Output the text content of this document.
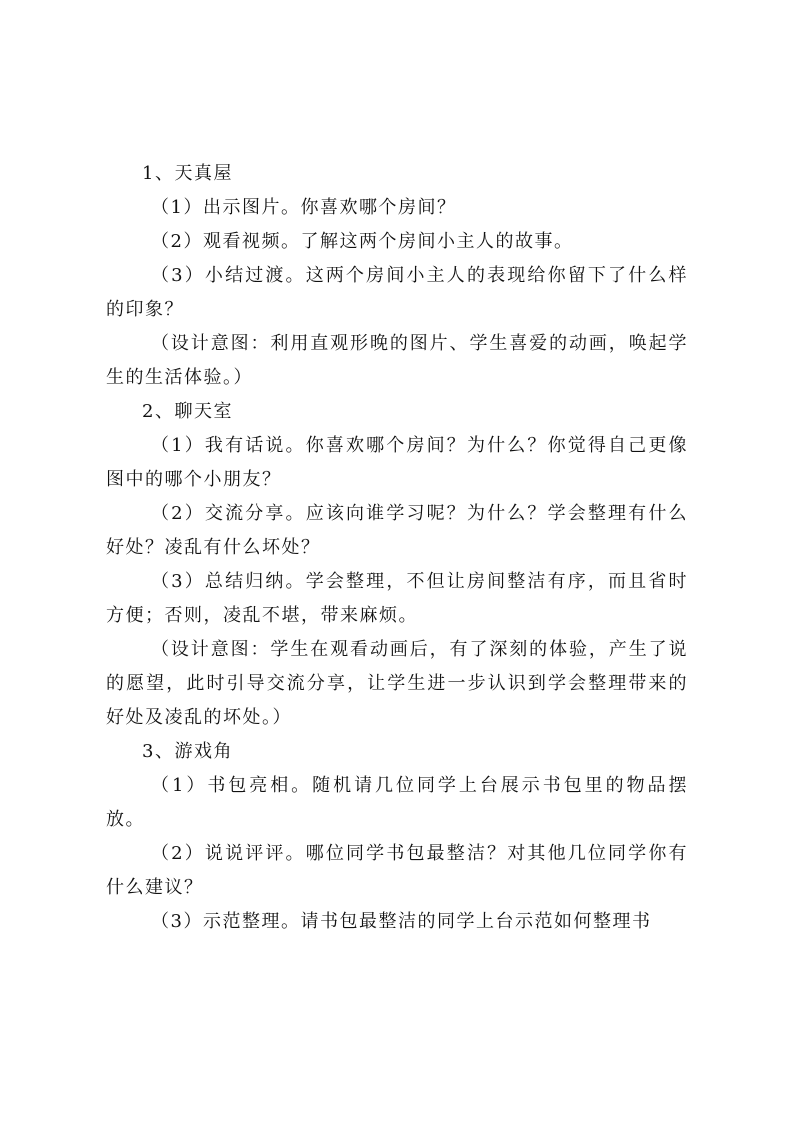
1、天真屋

（1）出示图片。你喜欢哪个房间？

（2）观看视频。了解这两个房间小主人的故事。

（3）小结过渡。这两个房间小主人的表现给你留下了什么样的印象？

（设计意图：利用直观形晚的图片、学生喜爱的动画，唤起学生的生活体验。）

2、聊天室

（1）我有话说。你喜欢哪个房间？为什么？你觉得自己更像图中的哪个小朋友？

（2）交流分享。应该向谁学习呢？为什么？学会整理有什么好处？凌乱有什么坏处？

（3）总结归纳。学会整理，不但让房间整洁有序，而且省时方便；否则，凌乱不堪，带来麻烦。

（设计意图：学生在观看动画后，有了深刻的体验，产生了说的愿望，此时引导交流分享，让学生进一步认识到学会整理带来的好处及凌乱的坏处。）

3、游戏角

（1）书包亮相。随机请几位同学上台展示书包里的物品摆放。

（2）说说评评。哪位同学书包最整洁？对其他几位同学你有什么建议？

（3）示范整理。请书包最整洁的同学上台示范如何整理书
